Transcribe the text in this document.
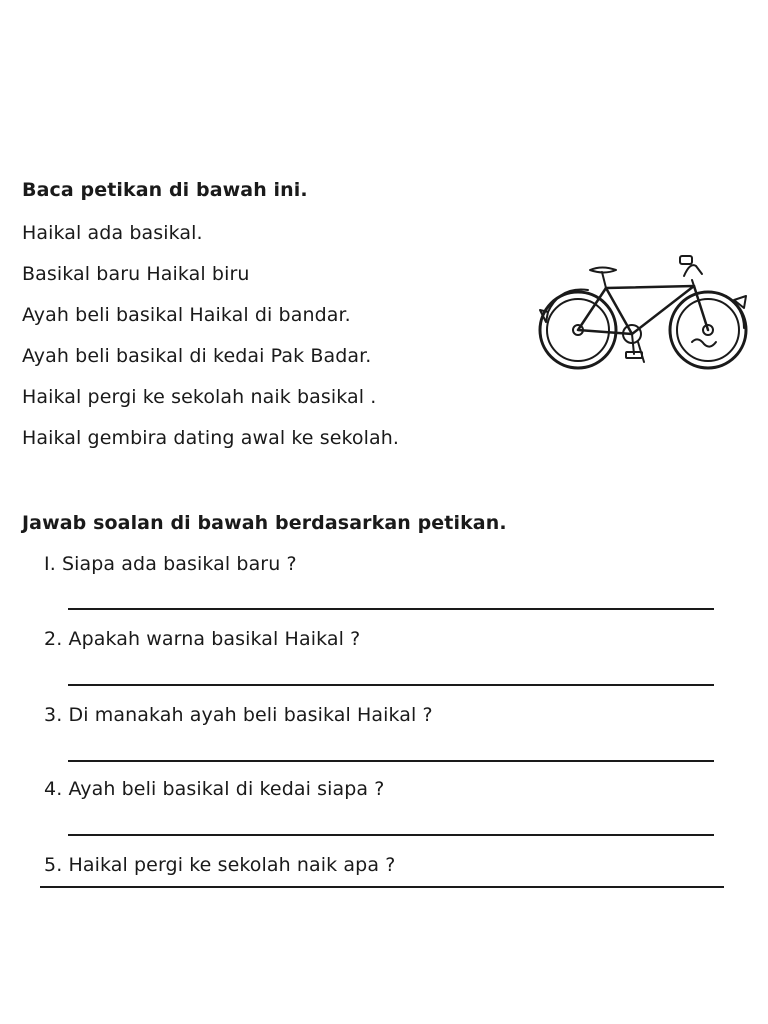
Baca petikan di bawah ini.
Haikal ada basikal.
Basikal baru Haikal biru
Ayah beli basikal Haikal di bandar.
Ayah beli basikal di kedai Pak Badar.
Haikal pergi ke sekolah naik basikal .
Haikal gembira dating awal ke sekolah.
Jawab soalan di bawah berdasarkan petikan.
I. Siapa ada basikal baru ?
2. Apakah warna basikal Haikal ?
3. Di manakah ayah beli basikal Haikal ?
4. Ayah beli basikal di kedai siapa ?
5. Haikal pergi ke sekolah naik apa ?
